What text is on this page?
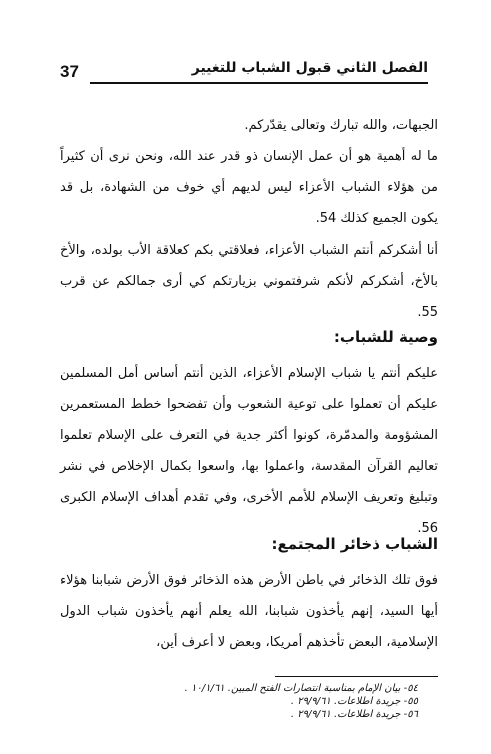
37	الفصل الثاني قبول الشباب للتغيير

الجبهات، والله تبارك وتعالى يقدّركم.

ما له أهمية هو أن عمل الإنسان ذو قدر عند الله، ونحن نرى أن كثيراً من هؤلاء الشباب الأعزاء ليس لديهم أي خوف من الشهادة، بل قد يكون الجميع كذلك 54.

أنا أشكركم أنتم الشباب الأعزاء، فعلاقتي بكم كعلاقة الأب بولده، والأخ بالأخ، أشكركم لأنكم شرفتموني بزيارتكم كي أرى جمالكم عن قرب 55.

وصية للشباب:

عليكم أنتم يا شباب الإسلام الأعزاء، الذين أنتم أساس أمل المسلمين عليكم أن تعملوا على توعية الشعوب وأن تفضحوا خطط المستعمرين المشؤومة والمدمّرة، كونوا أكثر جدية في التعرف على الإسلام تعلموا تعاليم القرآن المقدسة، واعملوا بها، واسعوا بكمال الإخلاص في نشر وتبليغ وتعريف الإسلام للأمم الأخرى، وفي تقدم أهداف الإسلام الكبرى 56.

الشباب ذخائر المجتمع:

فوق تلك الذخائر في باطن الأرض هذه الذخائر فوق الأرض شبابنا هؤلاء أيها السيد، إنهم يأخذون شبابنا، الله يعلم أنهم يأخذون شباب الدول الإسلامية، البعض تأخذهم أمريكا، وبعض لا أعرف أين،

٥٤- بيان الإمام بمناسبة انتصارات الفتح المبين. ١٠/١/٦١ .
٥٥- جريدة اطلاعات. ٢٩/٩/٦١ .
٥٦- جريدة اطلاعات. ٢٩/٩/٦١ .
